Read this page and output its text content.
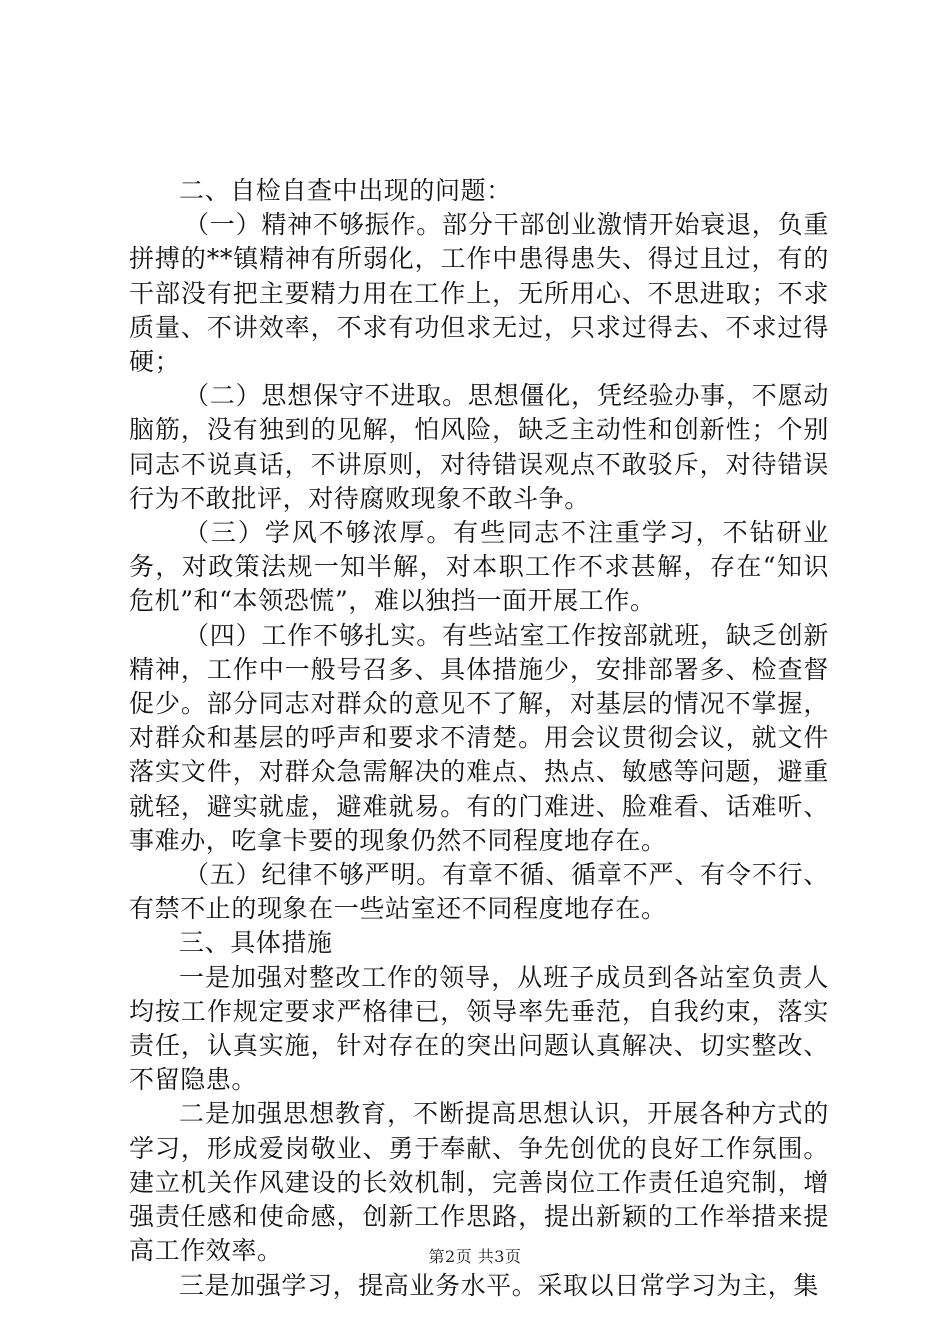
二、自检自查中出现的问题：

（一）精神不够振作。部分干部创业激情开始衰退，负重拼搏的**镇精神有所弱化，工作中患得患失、得过且过，有的干部没有把主要精力用在工作上，无所用心、不思进取；不求质量、不讲效率，不求有功但求无过，只求过得去、不求过得硬；

（二）思想保守不进取。思想僵化，凭经验办事，不愿动脑筋，没有独到的见解，怕风险，缺乏主动性和创新性；个别同志不说真话，不讲原则，对待错误观点不敢驳斥，对待错误行为不敢批评，对待腐败现象不敢斗争。

（三）学风不够浓厚。有些同志不注重学习，不钻研业务，对政策法规一知半解，对本职工作不求甚解，存在“知识危机”和“本领恐慌”，难以独挡一面开展工作。

（四）工作不够扎实。有些站室工作按部就班，缺乏创新精神，工作中一般号召多、具体措施少，安排部署多、检查督促少。部分同志对群众的意见不了解，对基层的情况不掌握，对群众和基层的呼声和要求不清楚。用会议贯彻会议，就文件落实文件，对群众急需解决的难点、热点、敏感等问题，避重就轻，避实就虚，避难就易。有的门难进、脸难看、话难听、事难办，吃拿卡要的现象仍然不同程度地存在。

（五）纪律不够严明。有章不循、循章不严、有令不行、有禁不止的现象在一些站室还不同程度地存在。

三、具体措施

一是加强对整改工作的领导，从班子成员到各站室负责人均按工作规定要求严格律已，领导率先垂范，自我约束，落实责任，认真实施，针对存在的突出问题认真解决、切实整改、不留隐患。

二是加强思想教育，不断提高思想认识，开展各种方式的学习，形成爱岗敬业、勇于奉献、争先创优的良好工作氛围。建立机关作风建设的长效机制，完善岗位工作责任追究制，增强责任感和使命感，创新工作思路，提出新颖的工作举措来提高工作效率。

三是加强学习，提高业务水平。采取以日常学习为主，集

第2页 共3页
